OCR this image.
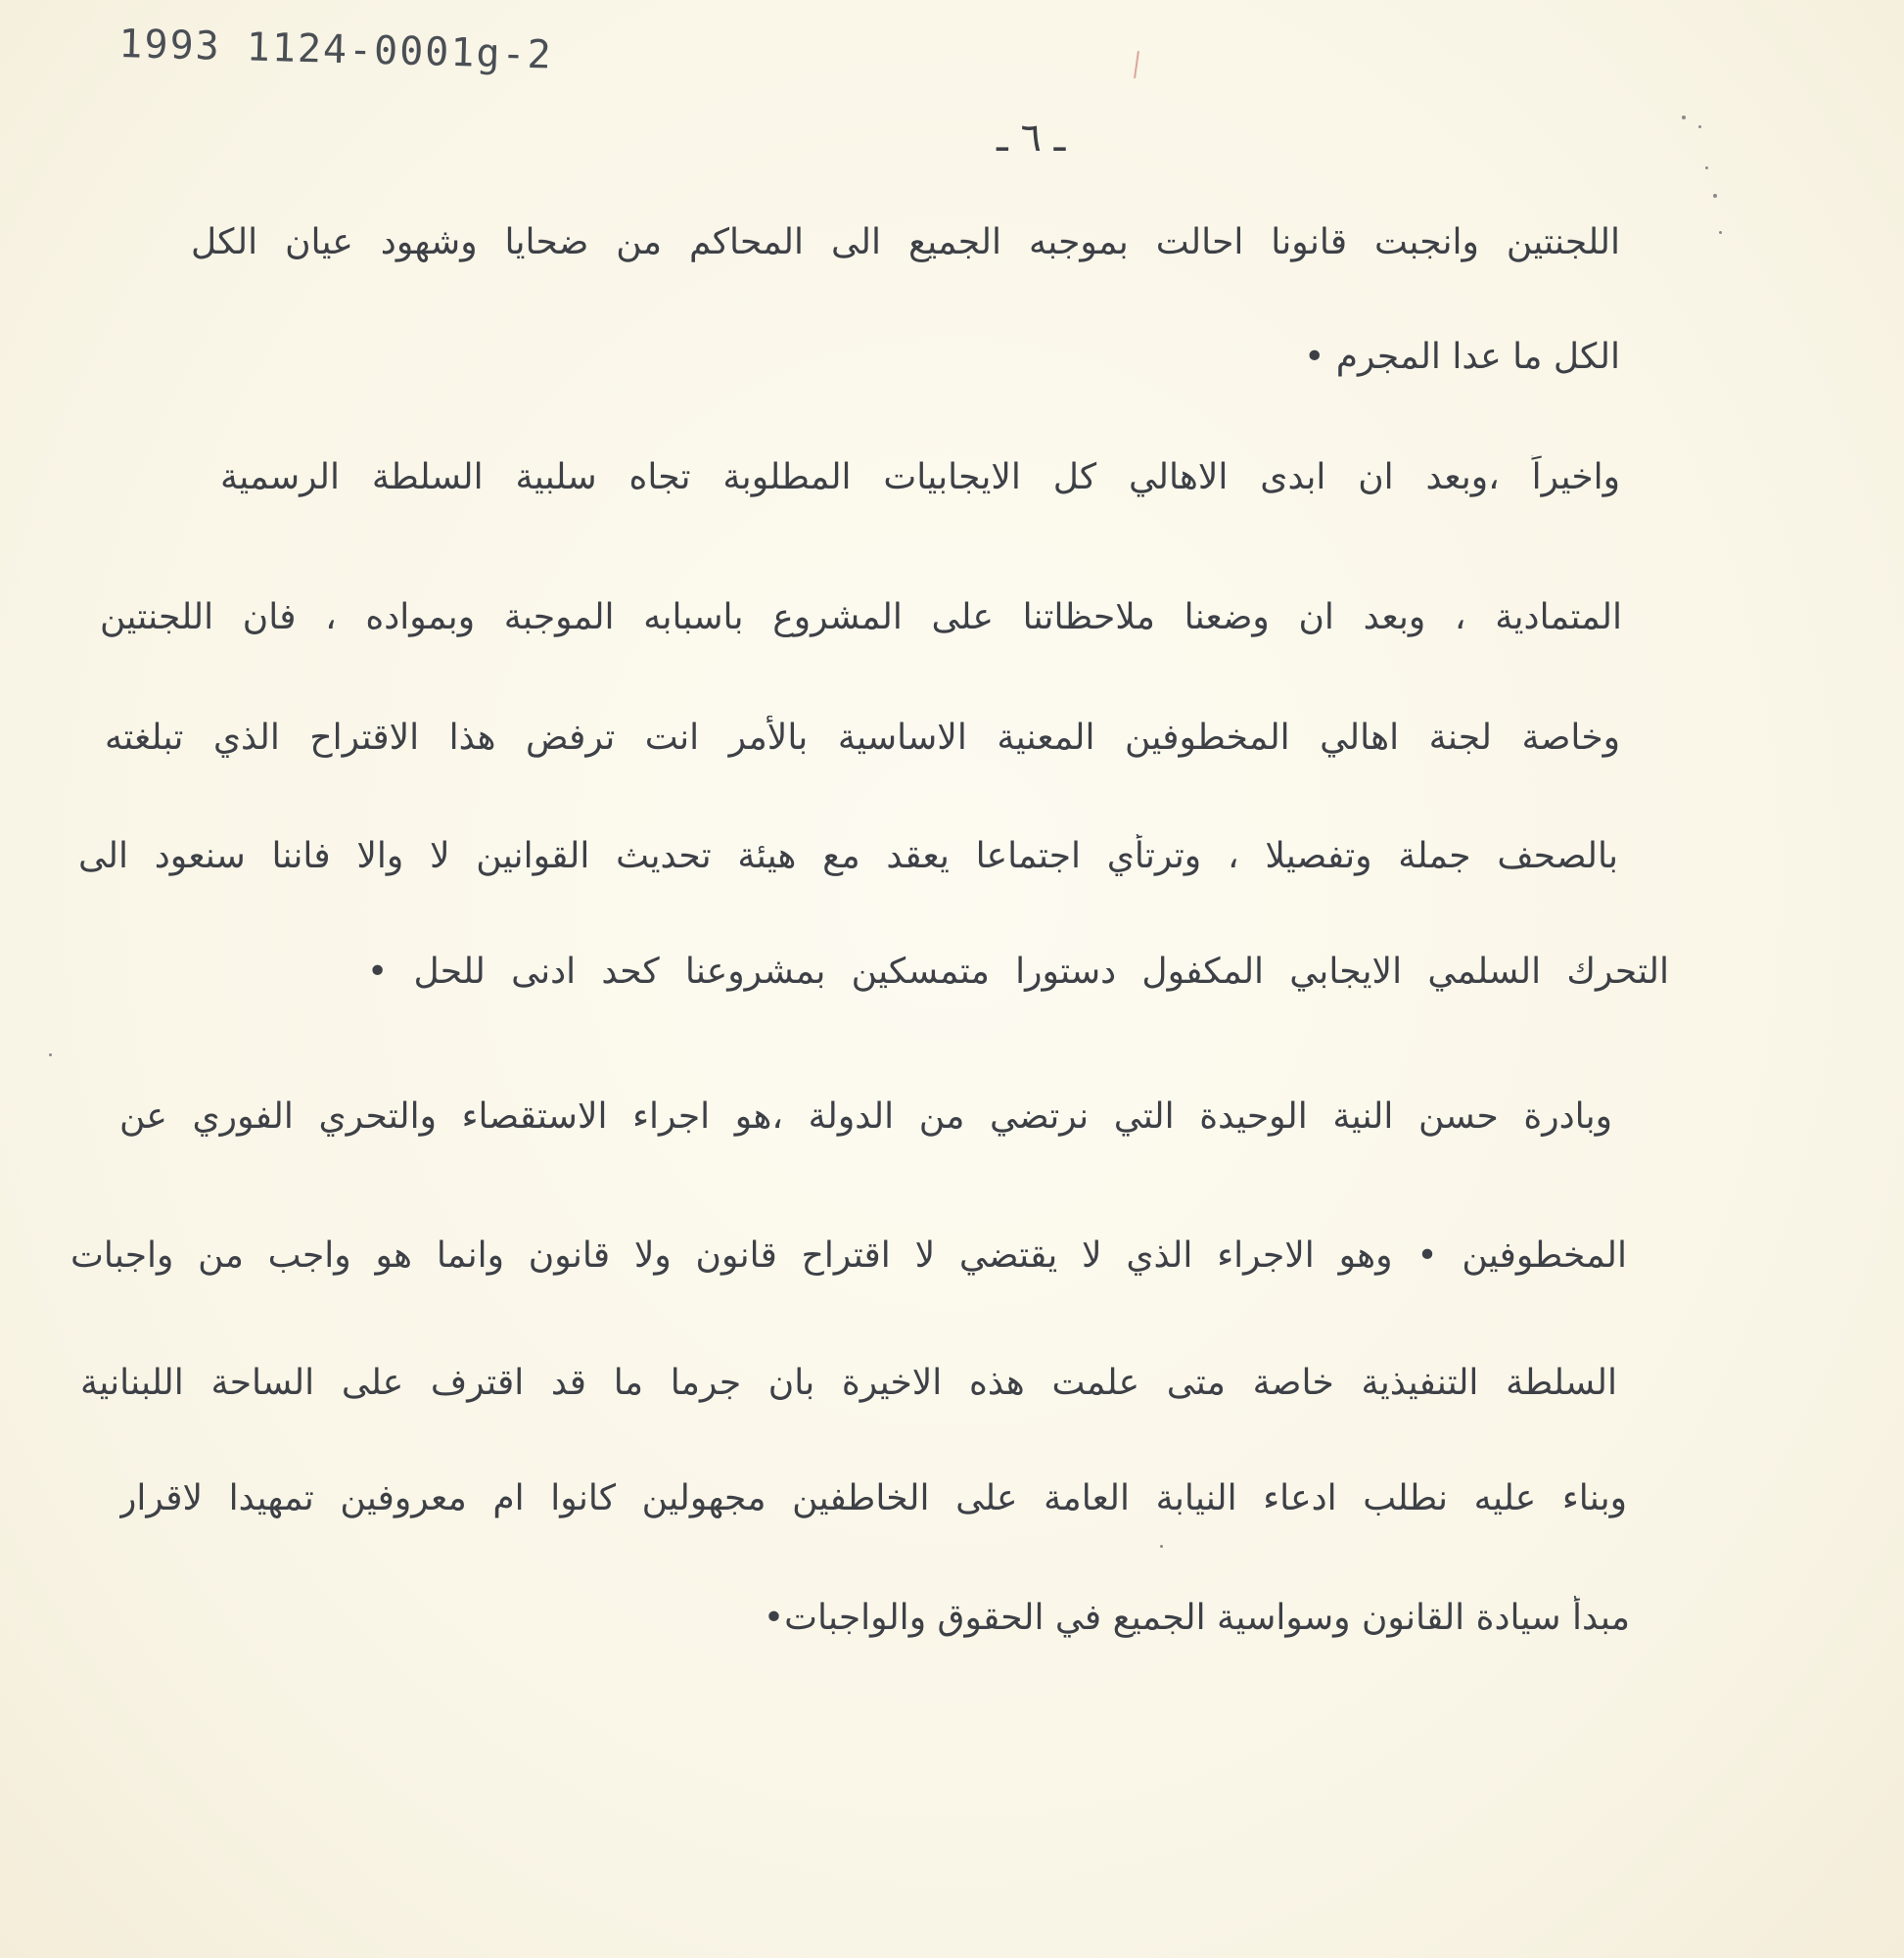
1993 1124-0001g-2

ـ ٦ ـ

اللجنتين وانجبت قانونا احالت بموجبه الجميع الى المحاكم من ضحايا وشهود عيان الكل

الكل ما عدا المجرم •

واخيراً ،وبعد ان ابدى الاهالي كل الايجابيات المطلوبة تجاه سلبية السلطة الرسمية

المتمادية ، وبعد ان وضعنا ملاحظاتنا على المشروع باسبابه الموجبة وبمواده ، فان اللجنتين

وخاصة لجنة اهالي المخطوفين المعنية الاساسية بالأمر انت ترفض هذا الاقتراح الذي تبلغته

بالصحف جملة وتفصيلا ، وترتأي اجتماعا يعقد مع هيئة تحديث القوانين لا والا فاننا سنعود الى

التحرك السلمي الايجابي المكفول دستورا متمسكين بمشروعنا كحد ادنى للحل •

وبادرة حسن النية الوحيدة التي نرتضي من الدولة ،هو اجراء الاستقصاء والتحري الفوري عن

المخطوفين • وهو الاجراء الذي لا يقتضي لا اقتراح قانون ولا قانون وانما هو واجب من واجبات

السلطة التنفيذية خاصة متى علمت هذه الاخيرة بان جرما ما قد اقترف على الساحة اللبنانية

وبناء عليه نطلب ادعاء النيابة العامة على الخاطفين مجهولين كانوا ام معروفين تمهيدا لاقرار

مبدأ سيادة القانون وسواسية الجميع في الحقوق والواجبات•
